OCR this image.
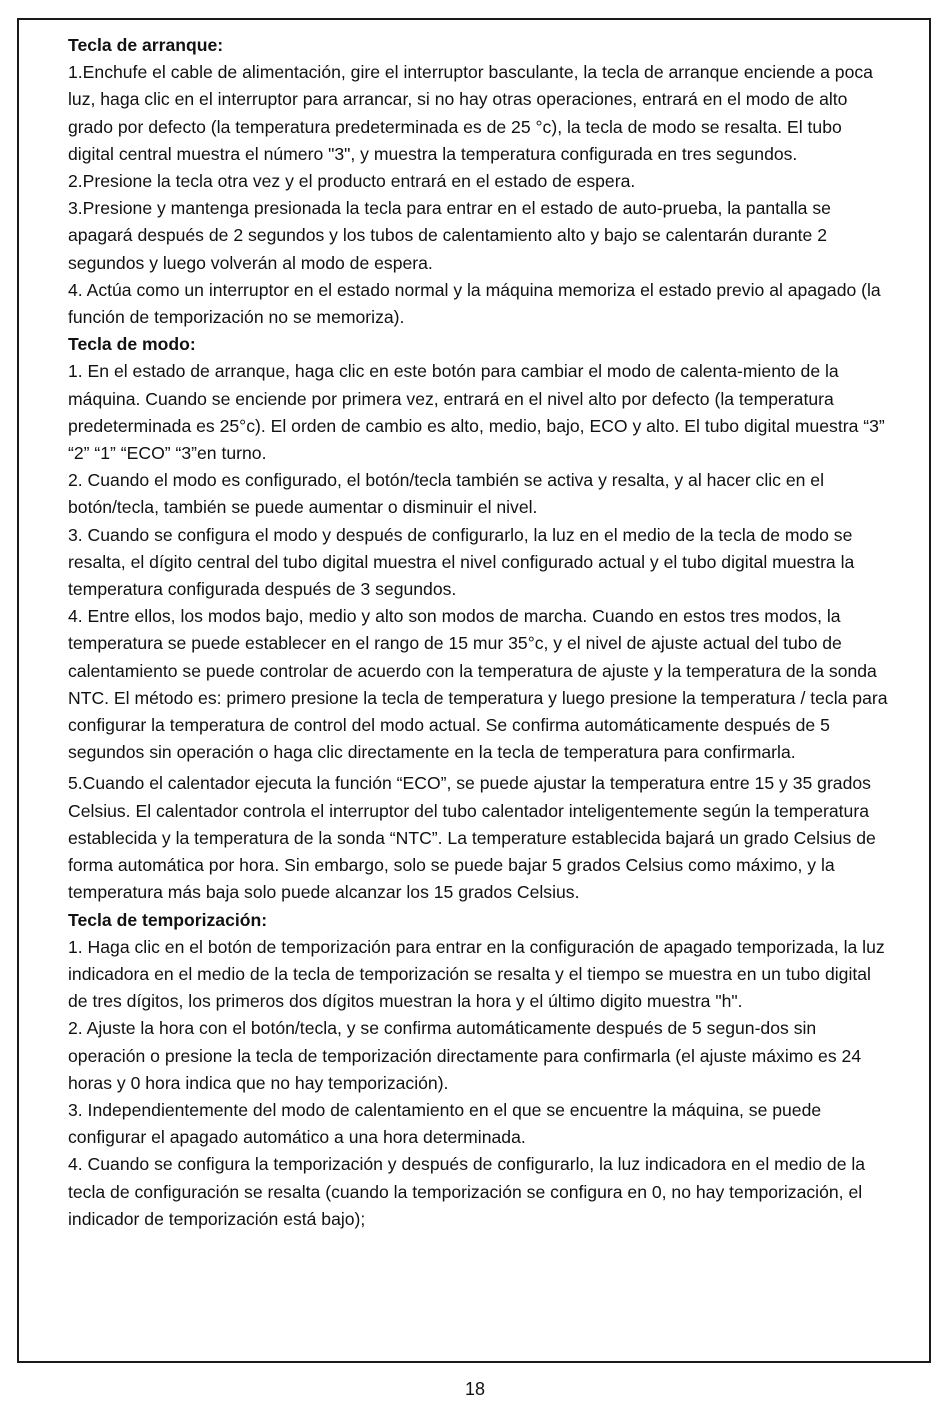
Tecla de arranque:

1.Enchufe el cable de alimentación, gire el interruptor basculante, la tecla de arranque enciende a poca luz, haga clic en el interruptor para arrancar, si no hay otras operaciones, entrará en el modo de alto grado por defecto (la temperatura predeterminada es de 25 °c), la tecla de modo se resalta. El tubo digital central muestra el número "3", y muestra la temperatura configurada en tres segundos.

2.Presione la tecla otra vez y el producto entrará en el estado de espera.

3.Presione y mantenga presionada la tecla para entrar en el estado de auto-prueba, la pantalla se apagará después de 2 segundos y los tubos de calentamiento alto y bajo se calentarán durante 2 segundos y luego volverán al modo de espera.

4. Actúa como un interruptor en el estado normal y la máquina memoriza el estado previo al apagado (la función de temporización no se memoriza).

Tecla de modo:

1. En el estado de arranque, haga clic en este botón para cambiar el modo de calenta-miento de la máquina. Cuando se enciende por primera vez, entrará en el nivel alto por defecto (la temperatura predeterminada es 25°c). El orden de cambio es alto, medio, bajo, ECO y alto. El tubo digital muestra “3” “2” “1” “ECO” “3”en turno.

2. Cuando el modo es configurado, el botón/tecla también se activa y resalta, y al hacer clic en el botón/tecla, también se puede aumentar o disminuir el nivel.

3. Cuando se configura el modo y después de configurarlo, la luz en el medio de la tecla de modo se resalta, el dígito central del tubo digital muestra el nivel configurado actual y el tubo digital muestra la temperatura configurada después de 3 segundos.

4. Entre ellos, los modos bajo, medio y alto son modos de marcha. Cuando en estos tres modos, la temperatura se puede establecer en el rango de 15 mur 35°c, y el nivel de ajuste actual del tubo de calentamiento se puede controlar de acuerdo con la temperatura de ajuste y la temperatura de la sonda NTC. El método es: primero presione la tecla de temperatura y luego presione la temperatura / tecla para configurar la temperatura de control del modo actual. Se confirma automáticamente después de 5 segundos sin operación o haga clic directamente en la tecla de temperatura para confirmarla.

5.Cuando el calentador ejecuta la función “ECO”, se puede ajustar la temperatura entre 15 y 35 grados Celsius. El calentador controla el interruptor del tubo calentador inteligentemente según la temperatura establecida y la temperatura de la sonda “NTC”. La temperature establecida bajará un grado Celsius de forma automática por hora. Sin embargo, solo se puede bajar 5 grados Celsius como máximo, y la temperatura más baja solo puede alcanzar los 15 grados Celsius.

Tecla de temporización:

1. Haga clic en el botón de temporización para entrar en la configuración de apagado temporizada, la luz indicadora en el medio de la tecla de temporización se resalta y el tiempo se muestra en un tubo digital de tres dígitos, los primeros dos dígitos muestran la hora y el último digito muestra "h".

2. Ajuste la hora con el botón/tecla, y se confirma automáticamente después de 5 segun-dos sin operación o presione la tecla de temporización directamente para confirmarla (el ajuste máximo es 24 horas y 0 hora indica que no hay temporización).

3. Independientemente del modo de calentamiento en el que se encuentre la máquina, se puede configurar el apagado automático a una hora determinada.

4. Cuando se configura la temporización y después de configurarlo, la luz indicadora en el medio de la tecla de configuración se resalta (cuando la temporización se configura en 0, no hay temporización, el indicador de temporización está bajo);

18
